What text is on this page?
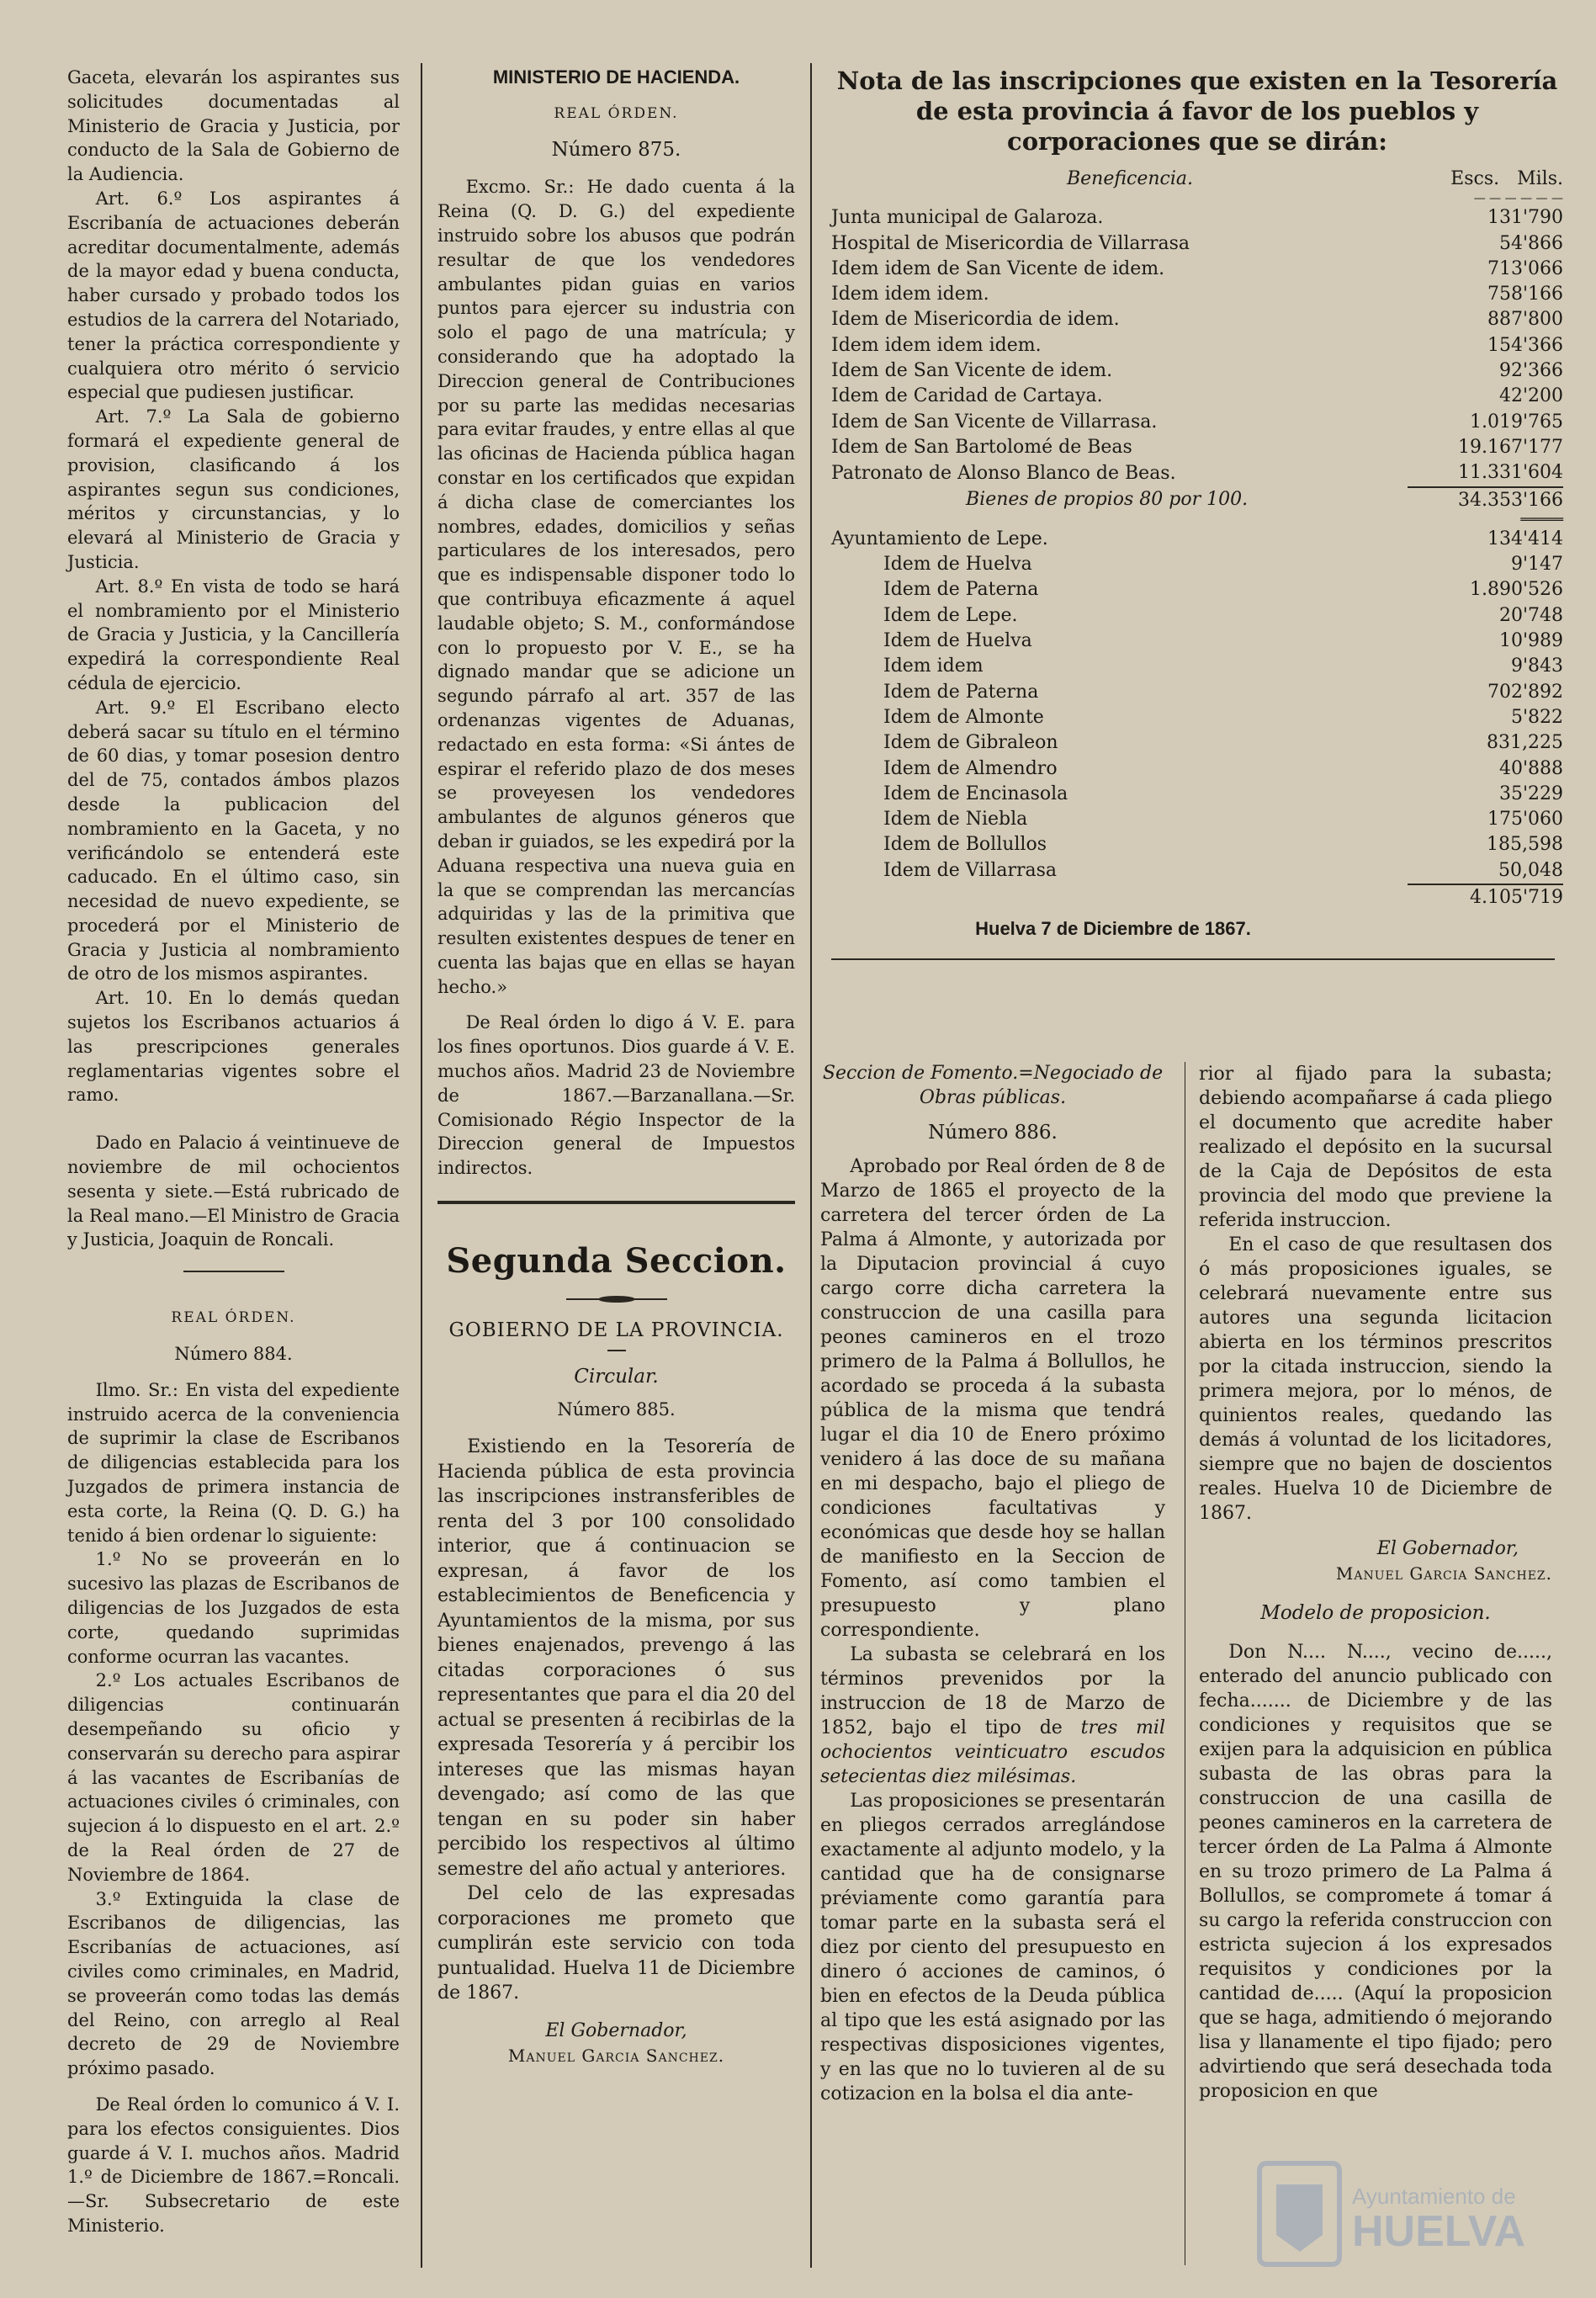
Gaceta, elevarán los aspirantes sus solicitudes documentadas al Ministerio de Gracia y Justicia, por conducto de la Sala de Gobierno de la Audiencia.

Art. 6.º Los aspirantes á Escribanía de actuaciones deberán acreditar documentalmente, además de la mayor edad y buena conducta, haber cursado y probado todos los estudios de la carrera del Notariado, tener la práctica correspondiente y cualquiera otro mérito ó servicio especial que pudiesen justificar.

Art. 7.º La Sala de gobierno formará el expediente general de provision, clasificando á los aspirantes segun sus condiciones, méritos y circunstancias, y lo elevará al Ministerio de Gracia y Justicia.

Art. 8.º En vista de todo se hará el nombramiento por el Ministerio de Gracia y Justicia, y la Cancillería expedirá la correspondiente Real cédula de ejercicio.

Art. 9.º El Escribano electo deberá sacar su título en el término de 60 dias, y tomar posesion dentro del de 75, contados ámbos plazos desde la publicacion del nombramiento en la Gaceta, y no verificándolo se entenderá este caducado. En el último caso, sin necesidad de nuevo expediente, se procederá por el Ministerio de Gracia y Justicia al nombramiento de otro de los mismos aspirantes.

Art. 10. En lo demás quedan sujetos los Escribanos actuarios á las prescripciones generales reglamentarias vigentes sobre el ramo.

Dado en Palacio á veintinueve de noviembre de mil ochocientos sesenta y siete.—Está rubricado de la Real mano.—El Ministro de Gracia y Justicia, Joaquin de Roncali.

REAL ÓRDEN.

Número 884.

Ilmo. Sr.: En vista del expediente instruido acerca de la conveniencia de suprimir la clase de Escribanos de diligencias establecida para los Juzgados de primera instancia de esta corte, la Reina (Q. D. G.) ha tenido á bien ordenar lo siguiente:

1.º No se proveerán en lo sucesivo las plazas de Escribanos de diligencias de los Juzgados de esta corte, quedando suprimidas conforme ocurran las vacantes.

2.º Los actuales Escribanos de diligencias continuarán desempeñando su oficio y conservarán su derecho para aspirar á las vacantes de Escribanías de actuaciones civiles ó criminales, con sujecion á lo dispuesto en el art. 2.º de la Real órden de 27 de Noviembre de 1864.

3.º Extinguida la clase de Escribanos de diligencias, las Escribanías de actuaciones, así civiles como criminales, en Madrid, se proveerán como todas las demás del Reino, con arreglo al Real decreto de 29 de Noviembre próximo pasado.

De Real órden lo comunico á V. I. para los efectos consiguientes. Dios guarde á V. I. muchos años. Madrid 1.º de Diciembre de 1867.=Roncali.—Sr. Subsecretario de este Ministerio.

MINISTERIO DE HACIENDA.

REAL ÓRDEN.

Número 875.

Excmo. Sr.: He dado cuenta á la Reina (Q. D. G.) del expediente instruido sobre los abusos que podrán resultar de que los vendedores ambulantes pidan guias en varios puntos para ejercer su industria con solo el pago de una matrícula; y considerando que ha adoptado la Direccion general de Contribuciones por su parte las medidas necesarias para evitar fraudes, y entre ellas al que las oficinas de Hacienda pública hagan constar en los certificados que expidan á dicha clase de comerciantes los nombres, edades, domicilios y señas particulares de los interesados, pero que es indispensable disponer todo lo que contribuya eficazmente á aquel laudable objeto; S. M., conformándose con lo propuesto por V. E., se ha dignado mandar que se adicione un segundo párrafo al art. 357 de las ordenanzas vigentes de Aduanas, redactado en esta forma: «Si ántes de espirar el referido plazo de dos meses se proveyesen los vendedores ambulantes de algunos géneros que deban ir guiados, se les expedirá por la Aduana respectiva una nueva guia en la que se comprendan las mercancías adquiridas y las de la primitiva que resulten existentes despues de tener en cuenta las bajas que en ellas se hayan hecho.»

De Real órden lo digo á V. E. para los fines oportunos. Dios guarde á V. E. muchos años. Madrid 23 de Noviembre de 1867.—Barzanallana.—Sr. Comisionado Régio Inspector de la Direccion general de Impuestos indirectos.

Segunda Seccion.

GOBIERNO DE LA PROVINCIA.

Circular.

Número 885.

Existiendo en la Tesorería de Hacienda pública de esta provincia las inscripciones instransferibles de renta del 3 por 100 consolidado interior, que á continuacion se expresan, á favor de los establecimientos de Beneficencia y Ayuntamientos de la misma, por sus bienes enajenados, prevengo á las citadas corporaciones ó sus representantes que para el dia 20 del actual se presenten á recibirlas de la expresada Tesorería y á percibir los intereses que las mismas hayan devengado; así como de las que tengan en su poder sin haber percibido los respectivos al último semestre del año actual y anteriores.

Del celo de las expresadas corporaciones me prometo que cumplirán este servicio con toda puntualidad. Huelva 11 de Diciembre de 1867.

El Gobernador,

Manuel Garcia Sanchez.

Nota de las inscripciones que existen en la Tesorería de esta provincia á favor de los pueblos y corporaciones que se dirán:

Beneficencia.	Escs. Mils.
	— — — — — —
Junta municipal de Galaroza.	131'790
Hospital de Misericordia de Villarrasa	54'866
Idem idem de San Vicente de idem.	713'066
Idem idem idem.	758'166
Idem de Misericordia de idem.	887'800
Idem idem idem idem.	154'366
Idem de San Vicente de idem.	92'366
Idem de Caridad de Cartaya.	42'200
Idem de San Vicente de Villarrasa.	1.019'765
Idem de San Bartolomé de Beas	19.167'177
Patronato de Alonso Blanco de Beas.	11.331'604
Bienes de propios 80 por 100.	34.353'166
	══════
Ayuntamiento de Lepe.	134'414
Idem de Huelva	9'147
Idem de Paterna	1.890'526
Idem de Lepe.	20'748
Idem de Huelva	10'989
Idem idem	9'843
Idem de Paterna	702'892
Idem de Almonte	5'822
Idem de Gibraleon	831,225
Idem de Almendro	40'888
Idem de Encinasola	35'229
Idem de Niebla	175'060
Idem de Bollullos	185,598
Idem de Villarrasa	50,048
	4.105'719

Huelva 7 de Diciembre de 1867.

Seccion de Fomento.=Negociado de Obras públicas.

Número 886.

Aprobado por Real órden de 8 de Marzo de 1865 el proyecto de la carretera del tercer órden de La Palma á Almonte, y autorizada por la Diputacion provincial á cuyo cargo corre dicha carretera la construccion de una casilla para peones camineros en el trozo primero de la Palma á Bollullos, he acordado se proceda á la subasta pública de la misma que tendrá lugar el dia 10 de Enero próximo venidero á las doce de su mañana en mi despacho, bajo el pliego de condiciones facultativas y económicas que desde hoy se hallan de manifiesto en la Seccion de Fomento, así como tambien el presupuesto y plano correspondiente.

La subasta se celebrará en los términos prevenidos por la instruccion de 18 de Marzo de 1852, bajo el tipo de tres mil ochocientos veinticuatro escudos setecientas diez milésimas.

Las proposiciones se presentarán en pliegos cerrados arreglándose exactamente al adjunto modelo, y la cantidad que ha de consignarse préviamente como garantía para tomar parte en la subasta será el diez por ciento del presupuesto en dinero ó acciones de caminos, ó bien en efectos de la Deuda pública al tipo que les está asignado por las respectivas disposiciones vigentes, y en las que no lo tuvieren al de su cotizacion en la bolsa el dia ante-

rior al fijado para la subasta; debiendo acompañarse á cada pliego el documento que acredite haber realizado el depósito en la sucursal de la Caja de Depósitos de esta provincia del modo que previene la referida instruccion.

En el caso de que resultasen dos ó más proposiciones iguales, se celebrará nuevamente entre sus autores una segunda licitacion abierta en los términos prescritos por la citada instruccion, siendo la primera mejora, por lo ménos, de quinientos reales, quedando las demás á voluntad de los licitadores, siempre que no bajen de doscientos reales. Huelva 10 de Diciembre de 1867.

El Gobernador,

Manuel Garcia Sanchez.

Modelo de proposicion.

Don N.... N...., vecino de....., enterado del anuncio publicado con fecha....... de Diciembre y de las condiciones y requisitos que se exijen para la adquisicion en pública subasta de las obras para la construccion de una casilla de peones camineros en la carretera de tercer órden de La Palma á Almonte en su trozo primero de La Palma á Bollullos, se compromete á tomar á su cargo la referida construccion con estricta sujecion á los expresados requisitos y condiciones por la cantidad de..... (Aquí la proposicion que se haga, admitiendo ó mejorando lisa y llanamente el tipo fijado; pero advirtiendo que será desechada toda proposicion en que

Ayuntamiento de
HUELVA
